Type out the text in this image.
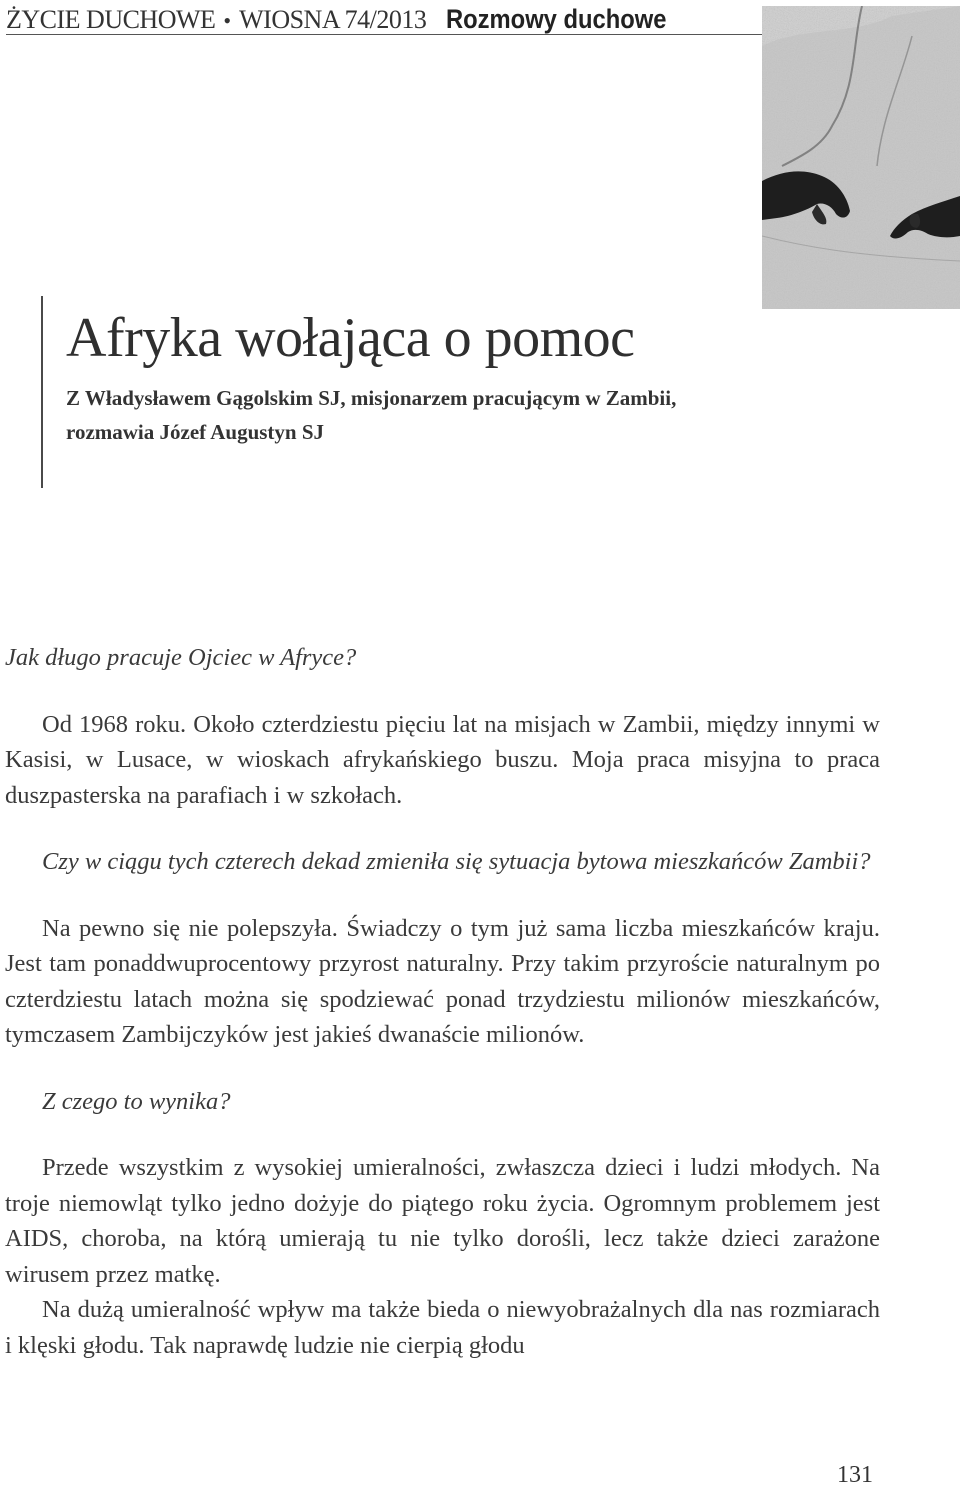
ŻYCIE DUCHOWE • WIOSNA 74/2013 Rozmowy duchowe
Afryka wołająca o pomoc

Z Władysławem Gągolskim SJ, misjonarzem pracującym w Zambii,
rozmawia Józef Augustyn SJ

Jak długo pracuje Ojciec w Afryce?

Od 1968 roku. Około czterdziestu pięciu lat na misjach w Zambii, między innymi w Kasisi, w Lusace, w wioskach afrykańskiego buszu. Moja praca misyjna to praca duszpasterska na parafiach i w szkołach.

Czy w ciągu tych czterech dekad zmieniła się sytuacja bytowa mieszkańców Zambii?

Na pewno się nie polepszyła. Świadczy o tym już sama liczba mieszkańców kraju. Jest tam ponaddwuprocentowy przyrost naturalny. Przy takim przyroście naturalnym po czterdziestu latach można się spodziewać ponad trzydziestu milionów mieszkańców, tymczasem Zambijczyków jest jakieś dwanaście milionów.

Z czego to wynika?

Przede wszystkim z wysokiej umieralności, zwłaszcza dzieci i ludzi młodych. Na troje niemowląt tylko jedno dożyje do piątego roku życia. Ogromnym problemem jest AIDS, choroba, na którą umierają tu nie tylko dorośli, lecz także dzieci zarażone wirusem przez matkę.

Na dużą umieralność wpływ ma także bieda o niewyobrażalnych dla nas rozmiarach i klęski głodu. Tak naprawdę ludzie nie cierpią głodu

131
